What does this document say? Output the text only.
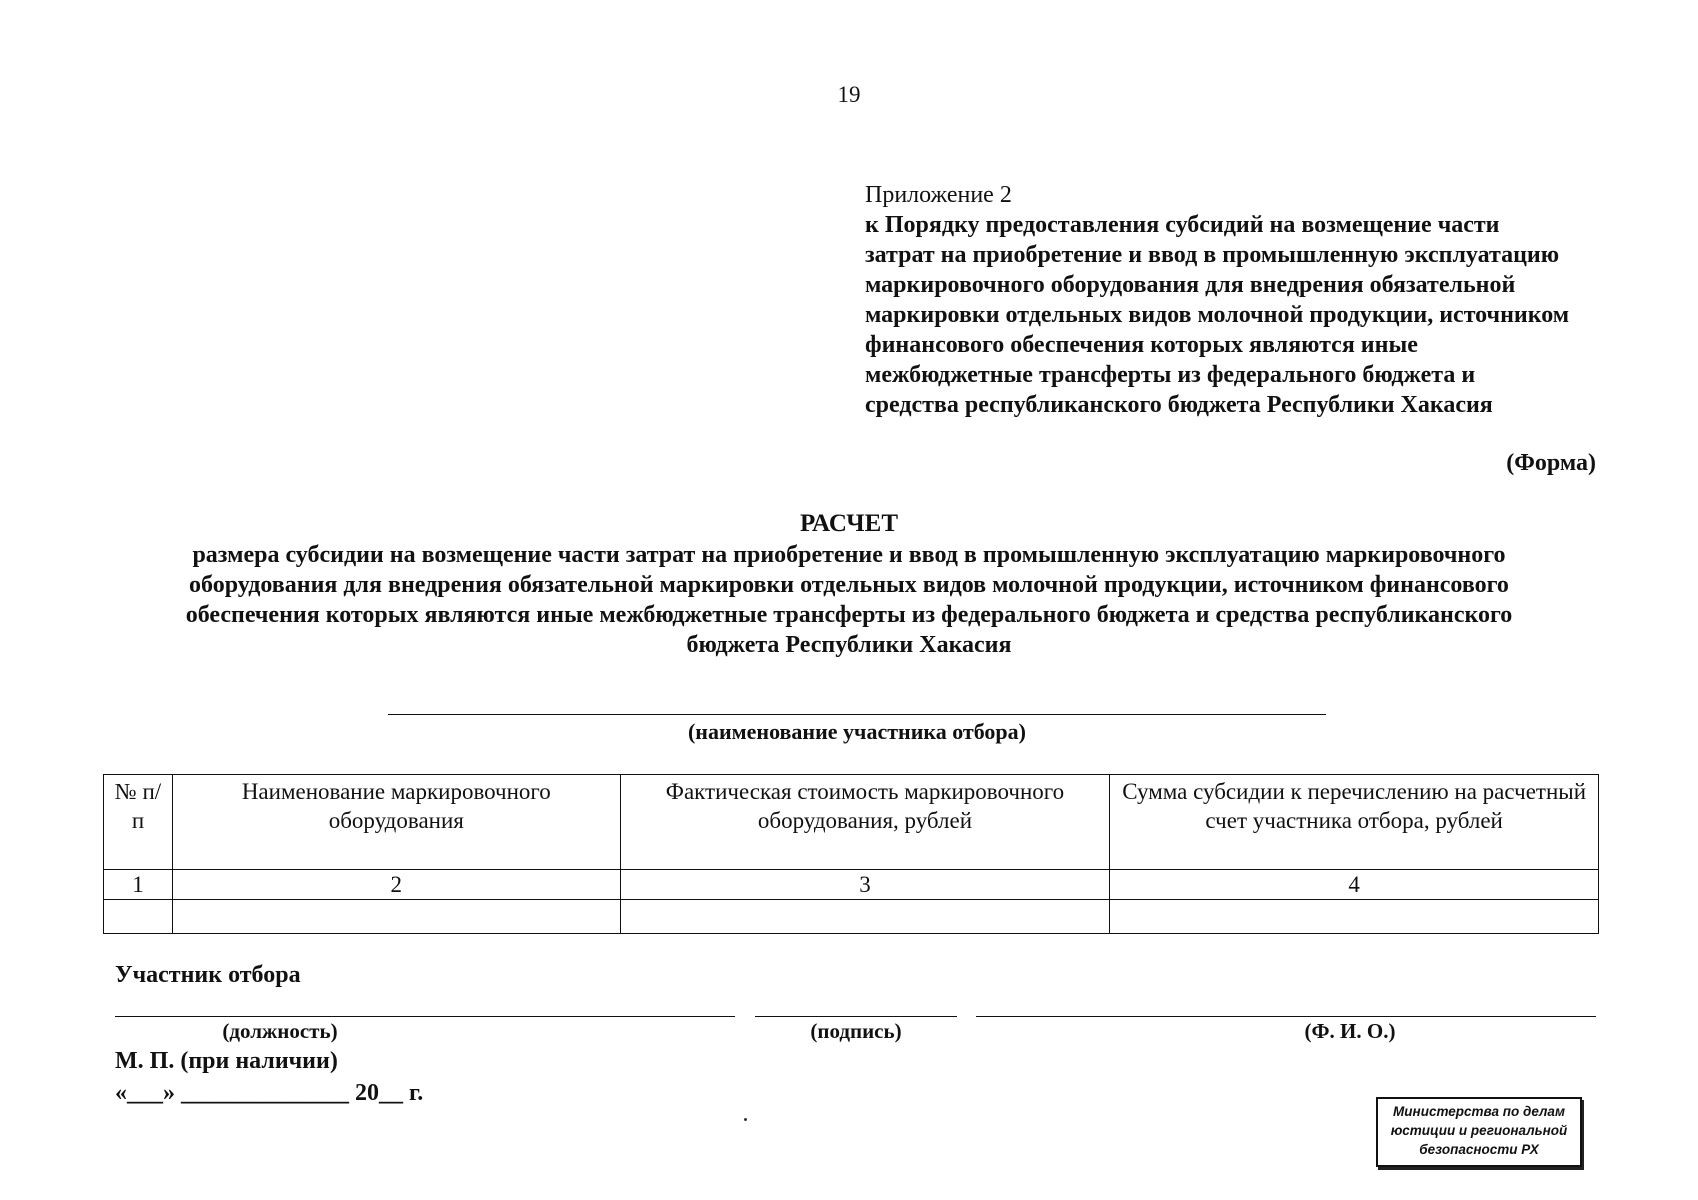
19
Приложение 2
к Порядку предоставления субсидий на возмещение части
затрат на приобретение и ввод в промышленную эксплуатацию
маркировочного оборудования для внедрения обязательной
маркировки отдельных видов молочной продукции, источником
финансового обеспечения которых являются иные
межбюджетные трансферты из федерального бюджета и
средства республиканского бюджета Республики Хакасия
(Форма)
РАСЧЕТ
размера субсидии на возмещение части затрат на приобретение и ввод в промышленную эксплуатацию маркировочного
оборудования для внедрения обязательной маркировки отдельных видов молочной продукции, источником финансового
обеспечения которых являются иные межбюджетные трансферты из федерального бюджета и средства республиканского
бюджета Республики Хакасия
(наименование участника отбора)
№ п/п	Наименование маркировочного оборудования	Фактическая стоимость маркировочного оборудования, рублей	Сумма субсидии к перечислению на расчетный счет участника отбора, рублей
1	2	3	4

Участник отбора
(должность)	(подпись)	(Ф. И. О.)
М. П. (при наличии)
«___» ______________ 20__ г.
Министерства по делам
юстиции и региональной
безопасности РХ
